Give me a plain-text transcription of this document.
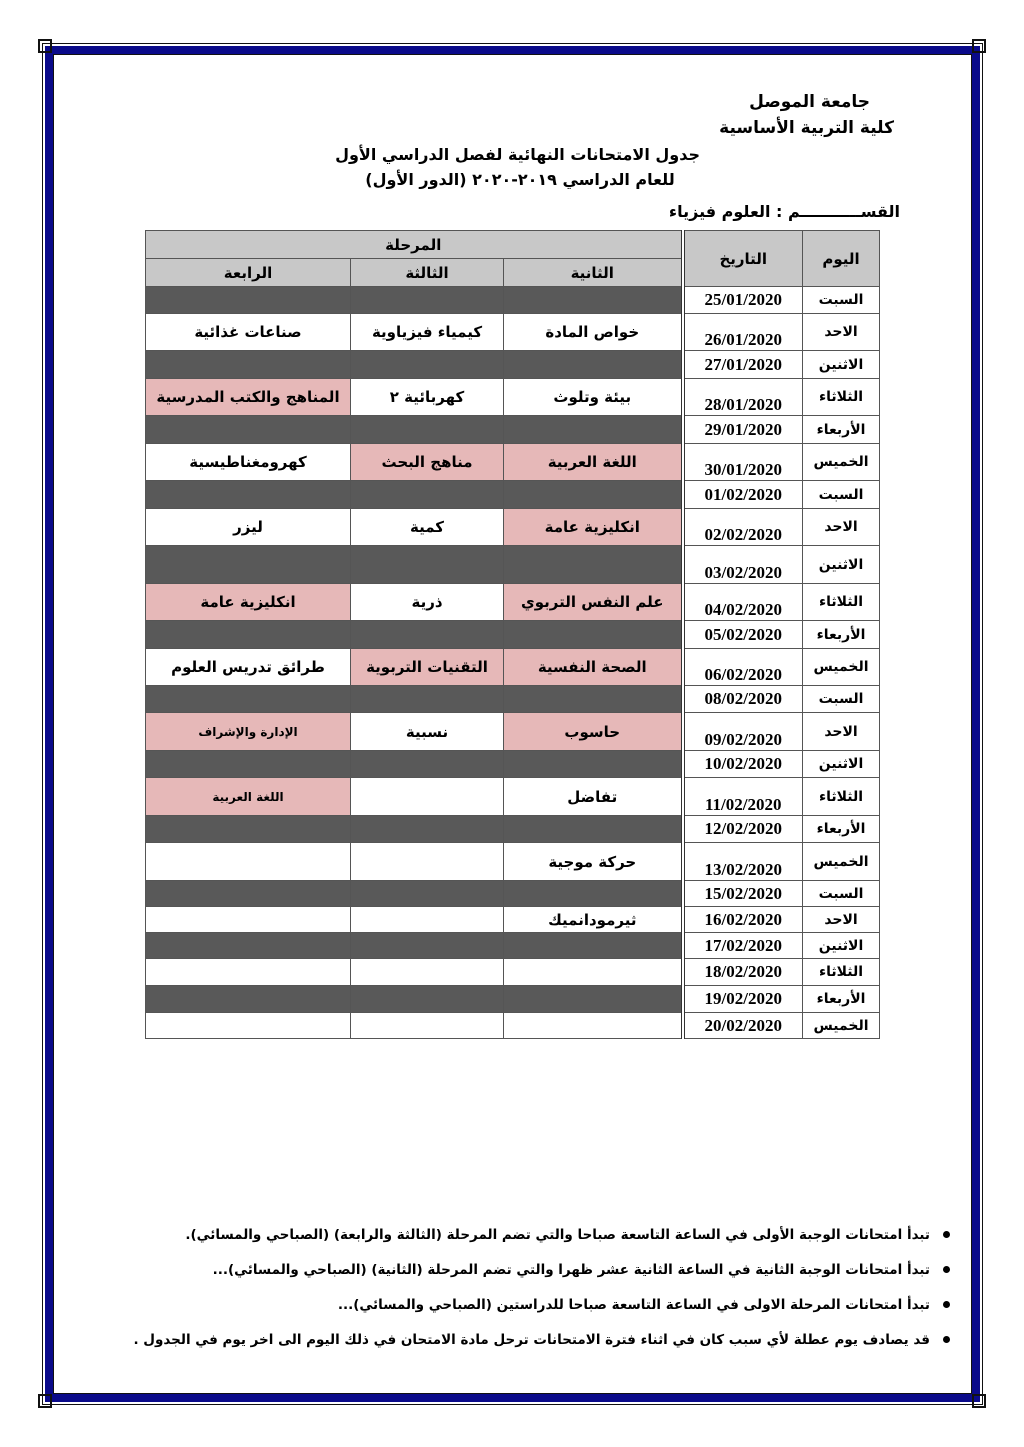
جامعة الموصل
كلية التربية الأساسية
جدول الامتحانات النهائية لفصل الدراسي الأول
للعام الدراسي ٢٠١٩-٢٠٢٠ (الدور الأول)
القســـــــــــم : العلوم فيزياء
اليوم	التاريخ	المرحلة		
		الثانية	الثالثة	الرابعة
السبت	25/01/2020			
الاحد	26/01/2020	خواص المادة	كيمياء فيزياوية	صناعات غذائية
الاثنين	27/01/2020			
الثلاثاء	28/01/2020	بيئة وتلوث	كهربائية ٢	المناهج والكتب المدرسية
الأربعاء	29/01/2020			
الخميس	30/01/2020	اللغة العربية	مناهج البحث	كهرومغناطيسية
السبت	01/02/2020			
الاحد	02/02/2020	انكليزية عامة	كمية	ليزر
الاثنين	03/02/2020			
الثلاثاء	04/02/2020	علم النفس التربوي	ذرية	انكليزية عامة
الأربعاء	05/02/2020			
الخميس	06/02/2020	الصحة النفسية	التقنيات التربوية	طرائق تدريس العلوم
السبت	08/02/2020			
الاحد	09/02/2020	حاسوب	نسبية	الإدارة والإشراف
الاثنين	10/02/2020			
الثلاثاء	11/02/2020	تفاضل		اللغة العربية
الأربعاء	12/02/2020			
الخميس	13/02/2020	حركة موجية		
السبت	15/02/2020			
الاحد	16/02/2020	ثيرمودانميك		
الاثنين	17/02/2020			
الثلاثاء	18/02/2020			
الأربعاء	19/02/2020			
الخميس	20/02/2020			
تبدأ امتحانات الوجبة الأولى في الساعة التاسعة صباحا والتي تضم المرحلة (الثالثة والرابعة) (الصباحي والمسائي).
تبدأ امتحانات الوجبة الثانية في الساعة الثانية عشر ظهرا والتي تضم المرحلة (الثانية) (الصباحي والمسائي)...
تبدأ امتحانات المرحلة الاولى في الساعة التاسعة صباحا للدراستين (الصباحي والمسائي)...
قد يصادف يوم عطلة لأي سبب كان في اثناء فترة الامتحانات ترحل مادة الامتحان في ذلك اليوم الى اخر يوم في الجدول .
